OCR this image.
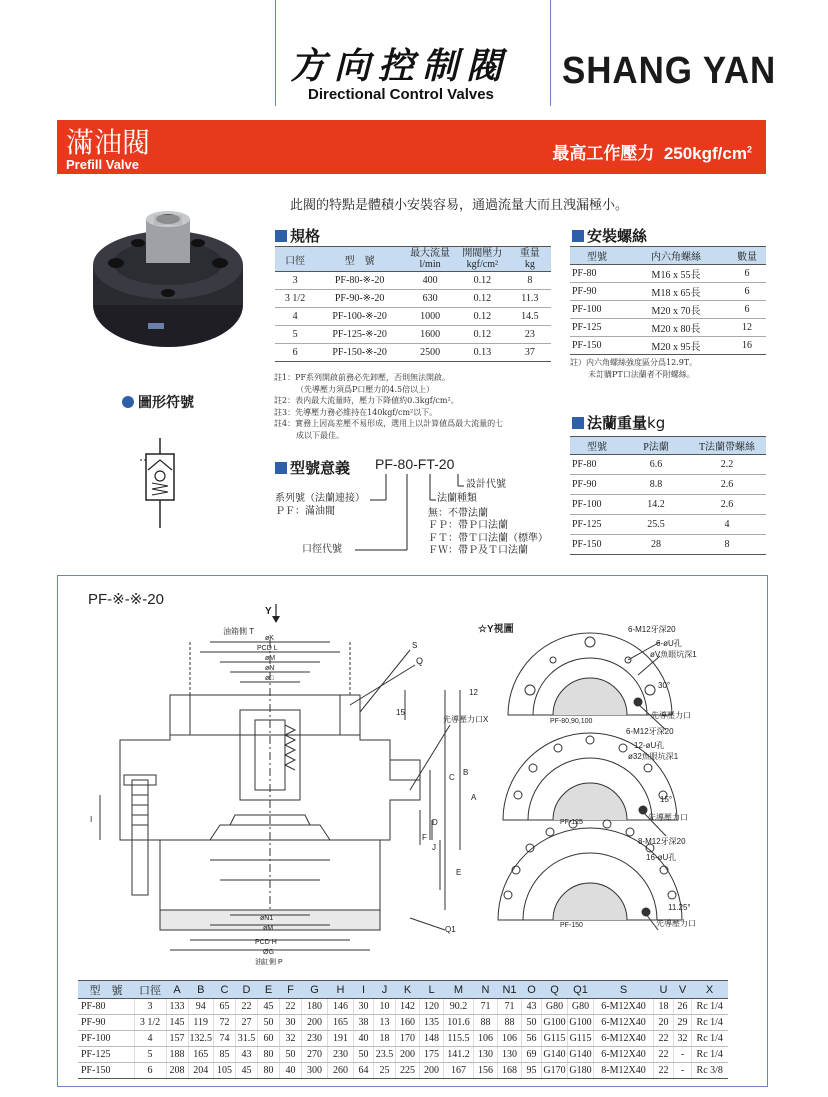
方向控制閥
Directional Control Valves
SHANG YAN
滿油閥
Prefill Valve
最高工作壓力 $250kgf/cm^2$
此閥的特點是體積小安裝容易，通過流量大而且洩漏極小。
規格
口徑	型　號	最大流量
l/min	開閥壓力
kgf/cm²	重量
kg
3	PF-80-※-20	400	0.12	8
3 1/2	PF-90-※-20	630	0.12	11.3
4	PF-100-※-20	1000	0.12	14.5
5	PF-125-※-20	1600	0.12	23
6	PF-150-※-20	2500	0.13	37
註1：PF系列開啟前務必先卸壓，否則無法開啟。
（先導壓力須爲P口壓力的4.5倍以上）
註2：表内最大流量時，壓力下降値約0.3kgf/cm²。
註3：先導壓力務必維持在140kgf/cm²以下。
註4：實務上因高差壓不易形成，選用上以計算値爲最大流量的七
成以下最佳。
安裝螺絲
型號	内六角螺絲	數量
PF-80	M16 x 55長	6
PF-90	M18 x 65長	6
PF-100	M20 x 70長	6
PF-125	M20 x 80長	12
PF-150	M20 x 95長	16
註）内六角螺絲強度區分爲12.9T。
未訂購PT口法蘭者不附螺絲。
法蘭重量kg
型號	P法蘭	T法蘭帶螺絲
PF-80	6.6	2.2
PF-90	8.8	2.6
PF-100	14.2	2.6
PF-125	25.5	4
PF-150	28	8
圖形符號
型號意義 PF-80-FT-20
設計代號
法蘭種類
系列號（法蘭連接）
ＰＦ：滿油閥	無：不帶法蘭
ＦＰ：帶Ｐ口法蘭
ＦＴ：帶Ｔ口法蘭（標準）
ＦＷ：帶Ｐ及Ｔ口法蘭
口徑代號
PF-※-※-20
Y
油箱側 T
øK
PCD L
øM
øN
ø□
S
Q
先導壓力口X
15
12
C
B
A
D
F
J
E
I
Q1
øN1
øM
PCD H
ØG
油缸側 P
☆Y視圖	6-M12牙深20
6-øU孔
øV魚眼坑深1
30°
PF-80,90,100
先導壓力口
6-M12牙深20
12-øU孔
ø32魚眼坑深1
15°
PF-125
先導壓力口
8-M12牙深20
16-øU孔
11.25°
PF-150	先導壓力口
型　號	口徑	A	B	C	D	E	F	G	H	I	J	K	L	M	N	N1	O	Q	Q1	S	U	V	X
PF-80	3	133	94	65	22	45	22	180	146	30	10	142	120	90.2	71	71	43	G80	G80	6-M12X40	18	26	Rc 1/4
PF-90	3 1/2	145	119	72	27	50	30	200	165	38	13	160	135	101.6	88	88	50	G100	G100	6-M12X40	20	29	Rc 1/4
PF-100	4	157	132.5	74	31.5	60	32	230	191	40	18	170	148	115.5	106	106	56	G115	G115	6-M12X40	22	32	Rc 1/4
PF-125	5	188	165	85	43	80	50	270	230	50	23.5	200	175	141.2	130	130	69	G140	G140	6-M12X40	22	-	Rc 1/4
PF-150	6	208	204	105	45	80	40	300	260	64	25	225	200	167	156	168	95	G170	G180	8-M12X40	22	-	Rc 3/8
